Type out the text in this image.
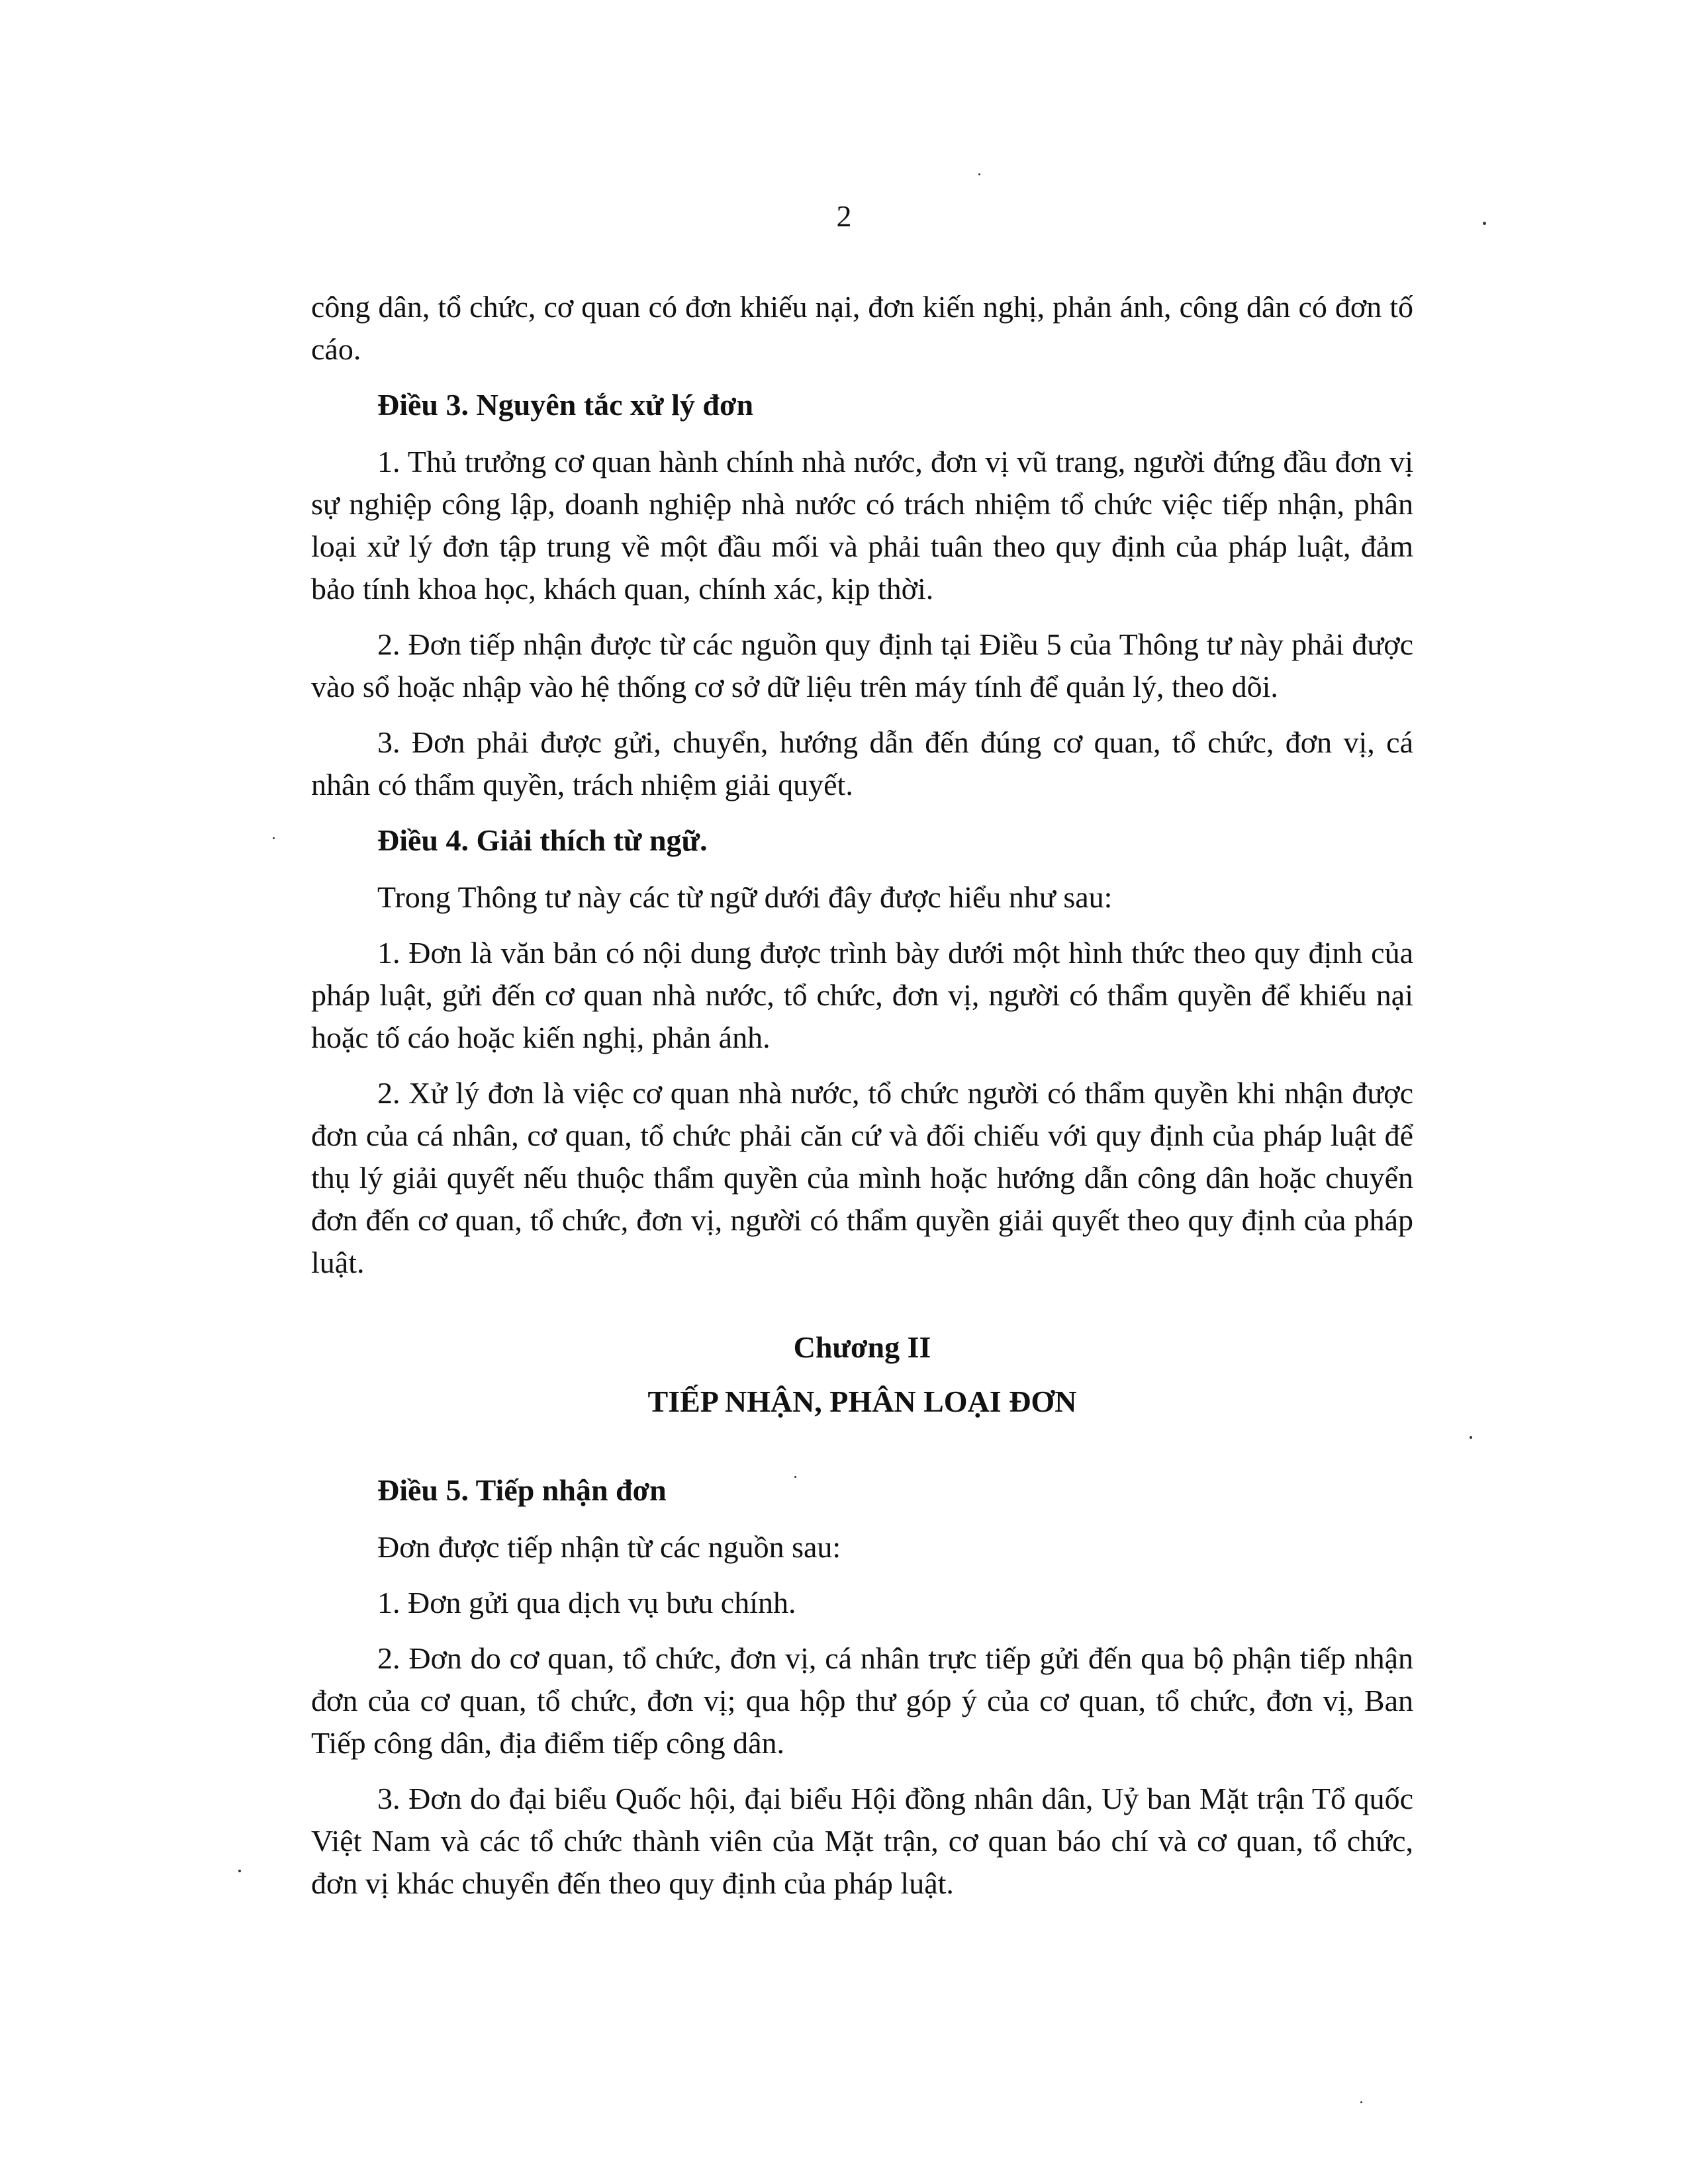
2

công dân, tổ chức, cơ quan có đơn khiếu nại, đơn kiến nghị, phản ánh, công dân có đơn tố cáo.

Điều 3. Nguyên tắc xử lý đơn

1. Thủ trưởng cơ quan hành chính nhà nước, đơn vị vũ trang, người đứng đầu đơn vị sự nghiệp công lập, doanh nghiệp nhà nước có trách nhiệm tổ chức việc tiếp nhận, phân loại xử lý đơn tập trung về một đầu mối và phải tuân theo quy định của pháp luật, đảm bảo tính khoa học, khách quan, chính xác, kịp thời.

2. Đơn tiếp nhận được từ các nguồn quy định tại Điều 5 của Thông tư này phải được vào sổ hoặc nhập vào hệ thống cơ sở dữ liệu trên máy tính để quản lý, theo dõi.

3. Đơn phải được gửi, chuyển, hướng dẫn đến đúng cơ quan, tổ chức, đơn vị, cá nhân có thẩm quyền, trách nhiệm giải quyết.

Điều 4. Giải thích từ ngữ.

Trong Thông tư này các từ ngữ dưới đây được hiểu như sau:

1. Đơn là văn bản có nội dung được trình bày dưới một hình thức theo quy định của pháp luật, gửi đến cơ quan nhà nước, tổ chức, đơn vị, người có thẩm quyền để khiếu nại hoặc tố cáo hoặc kiến nghị, phản ánh.

2. Xử lý đơn là việc cơ quan nhà nước, tổ chức người có thẩm quyền khi nhận được đơn của cá nhân, cơ quan, tổ chức phải căn cứ và đối chiếu với quy định của pháp luật để thụ lý giải quyết nếu thuộc thẩm quyền của mình hoặc hướng dẫn công dân hoặc chuyển đơn đến cơ quan, tổ chức, đơn vị, người có thẩm quyền giải quyết theo quy định của pháp luật.

Chương II
TIẾP NHẬN, PHÂN LOẠI ĐƠN
Điều 5. Tiếp nhận đơn

Đơn được tiếp nhận từ các nguồn sau:

1. Đơn gửi qua dịch vụ bưu chính.

2. Đơn do cơ quan, tổ chức, đơn vị, cá nhân trực tiếp gửi đến qua bộ phận tiếp nhận đơn của cơ quan, tổ chức, đơn vị; qua hộp thư góp ý của cơ quan, tổ chức, đơn vị, Ban Tiếp công dân, địa điểm tiếp công dân.

3. Đơn do đại biểu Quốc hội, đại biểu Hội đồng nhân dân, Uỷ ban Mặt trận Tổ quốc Việt Nam và các tổ chức thành viên của Mặt trận, cơ quan báo chí và cơ quan, tổ chức, đơn vị khác chuyển đến theo quy định của pháp luật.
